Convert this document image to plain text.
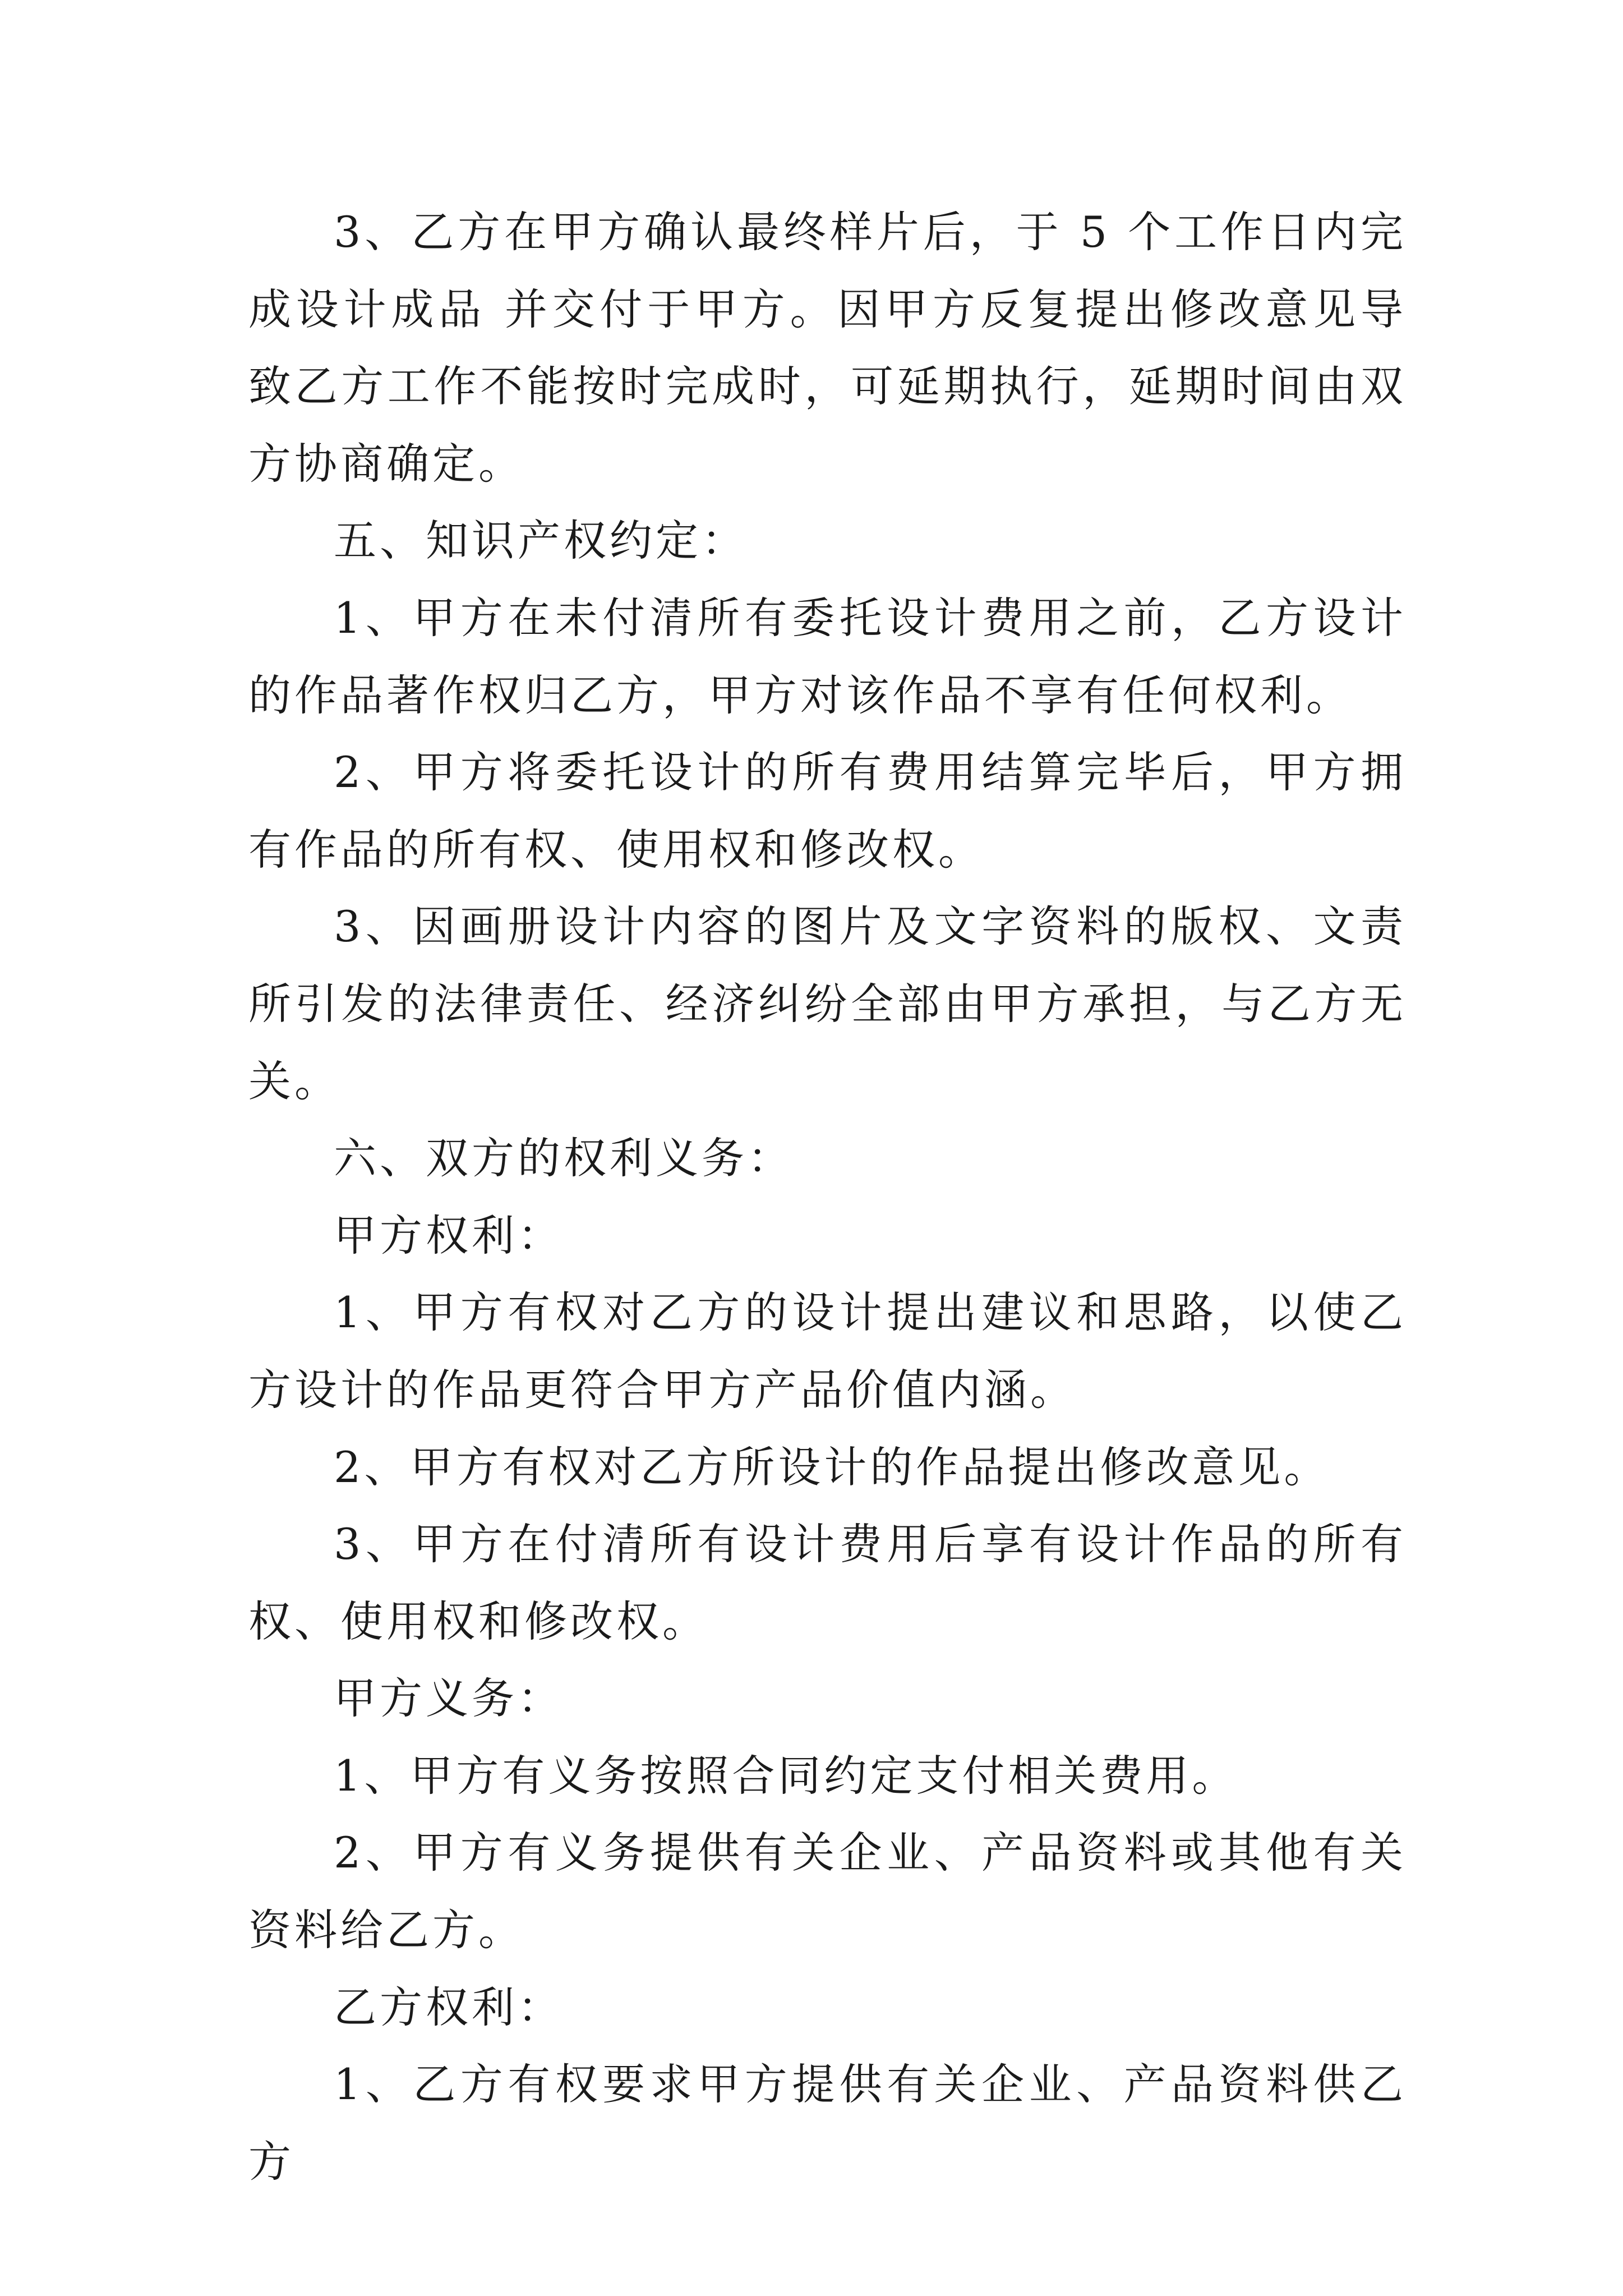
3、乙方在甲方确认最终样片后，于 5 个工作日内完成设计成品 并交付于甲方。因甲方反复提出修改意见导致乙方工作不能按时完成时，可延期执行，延期时间由双方协商确定。

五、知识产权约定：

1、甲方在未付清所有委托设计费用之前，乙方设计的作品著作权归乙方，甲方对该作品不享有任何权利。

2、甲方将委托设计的所有费用结算完毕后，甲方拥有作品的所有权、使用权和修改权。

3、因画册设计内容的图片及文字资料的版权、文责所引发的法律责任、经济纠纷全部由甲方承担，与乙方无关。

六、双方的权利义务：

甲方权利：

1、甲方有权对乙方的设计提出建议和思路，以使乙方设计的作品更符合甲方产品价值内涵。

2、甲方有权对乙方所设计的作品提出修改意见。

3、甲方在付清所有设计费用后享有设计作品的所有权、使用权和修改权。

甲方义务：

1、甲方有义务按照合同约定支付相关费用。

2、甲方有义务提供有关企业、产品资料或其他有关资料给乙方。

乙方权利：

1、乙方有权要求甲方提供有关企业、产品资料供乙方
